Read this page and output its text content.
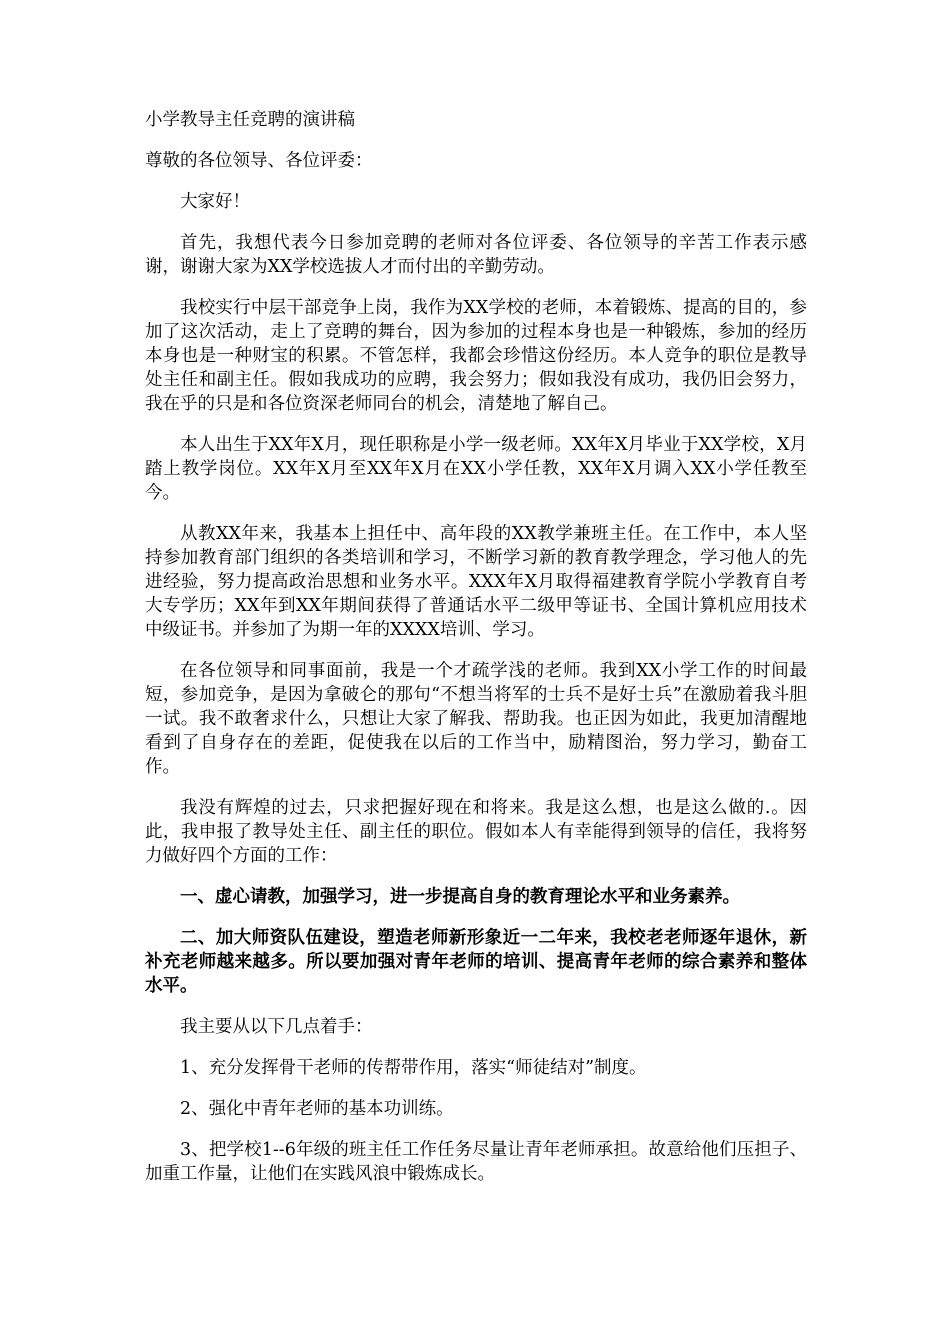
小学教导主任竞聘的演讲稿

尊敬的各位领导、各位评委：

大家好！

首先，我想代表今日参加竞聘的老师对各位评委、各位领导的辛苦工作表示感谢，谢谢大家为XX学校选拔人才而付出的辛勤劳动。

我校实行中层干部竞争上岗，我作为XX学校的老师，本着锻炼、提高的目的，参加了这次活动，走上了竞聘的舞台，因为参加的过程本身也是一种锻炼，参加的经历本身也是一种财宝的积累。不管怎样，我都会珍惜这份经历。本人竞争的职位是教导处主任和副主任。假如我成功的应聘，我会努力；假如我没有成功，我仍旧会努力，我在乎的只是和各位资深老师同台的机会，清楚地了解自己。

本人出生于XX年X月，现任职称是小学一级老师。XX年X月毕业于XX学校，X月踏上教学岗位。XX年X月至XX年X月在XX小学任教，XX年X月调入XX小学任教至今。

从教XX年来，我基本上担任中、高年段的XX教学兼班主任。在工作中，本人坚持参加教育部门组织的各类培训和学习，不断学习新的教育教学理念，学习他人的先进经验，努力提高政治思想和业务水平。XXX年X月取得福建教育学院小学教育自考大专学历；XX年到XX年期间获得了普通话水平二级甲等证书、全国计算机应用技术中级证书。并参加了为期一年的XXXX培训、学习。

在各位领导和同事面前，我是一个才疏学浅的老师。我到XX小学工作的时间最短，参加竞争，是因为拿破仑的那句“不想当将军的士兵不是好士兵”在激励着我斗胆一试。我不敢奢求什么，只想让大家了解我、帮助我。也正因为如此，我更加清醒地看到了自身存在的差距，促使我在以后的工作当中，励精图治，努力学习，勤奋工作。

我没有辉煌的过去，只求把握好现在和将来。我是这么想，也是这么做的.。因此，我申报了教导处主任、副主任的职位。假如本人有幸能得到领导的信任，我将努力做好四个方面的工作：

一、虚心请教，加强学习，进一步提高自身的教育理论水平和业务素养。

二、加大师资队伍建设，塑造老师新形象近一二年来，我校老老师逐年退休，新补充老师越来越多。所以要加强对青年老师的培训、提高青年老师的综合素养和整体水平。

我主要从以下几点着手：

1、充分发挥骨干老师的传帮带作用，落实“师徒结对”制度。

2、强化中青年老师的基本功训练。

3、把学校1--6年级的班主任工作任务尽量让青年老师承担。故意给他们压担子、加重工作量，让他们在实践风浪中锻炼成长。
